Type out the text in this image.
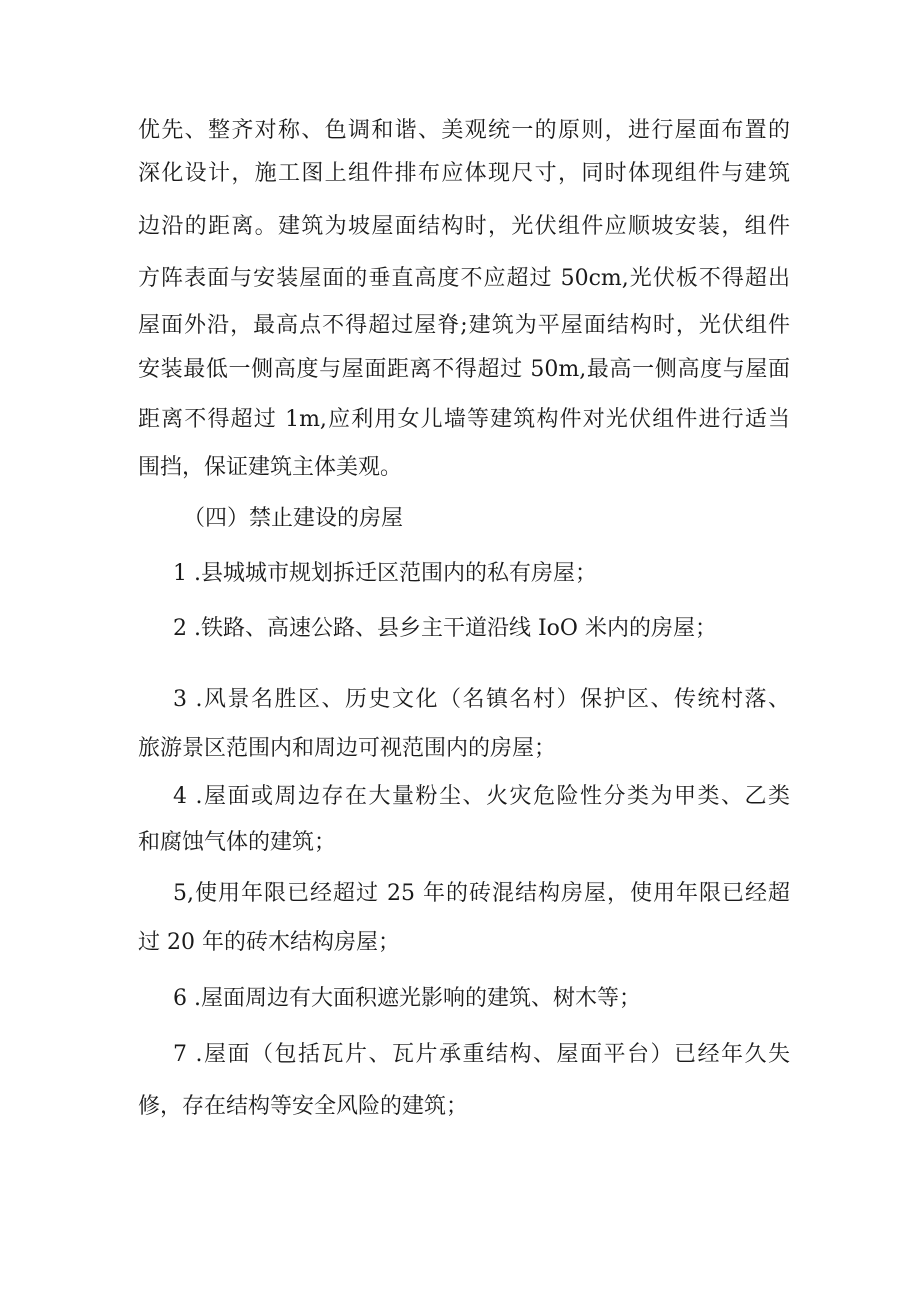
优先、整齐对称、色调和谐、美观统一的原则，进行屋面布置的
深化设计，施工图上组件排布应体现尺寸，同时体现组件与建筑
边沿的距离。建筑为坡屋面结构时，光伏组件应顺坡安装，组件
方阵表面与安装屋面的垂直高度不应超过 50cm,光伏板不得超出
屋面外沿，最高点不得超过屋脊;建筑为平屋面结构时，光伏组件
安装最低一侧高度与屋面距离不得超过 50m,最高一侧高度与屋面
距离不得超过 1m,应利用女儿墙等建筑构件对光伏组件进行适当
围挡，保证建筑主体美观。
（四）禁止建设的房屋
1 .县城城市规划拆迁区范围内的私有房屋；
2 .铁路、高速公路、县乡主干道沿线 IoO 米内的房屋；
3 .风景名胜区、历史文化（名镇名村）保护区、传统村落、
旅游景区范围内和周边可视范围内的房屋；
4 .屋面或周边存在大量粉尘、火灾危险性分类为甲类、乙类
和腐蚀气体的建筑；
5,使用年限已经超过 25 年的砖混结构房屋，使用年限已经超
过 20 年的砖木结构房屋；
6 .屋面周边有大面积遮光影响的建筑、树木等；
7 .屋面（包括瓦片、瓦片承重结构、屋面平台）已经年久失
修，存在结构等安全风险的建筑；
